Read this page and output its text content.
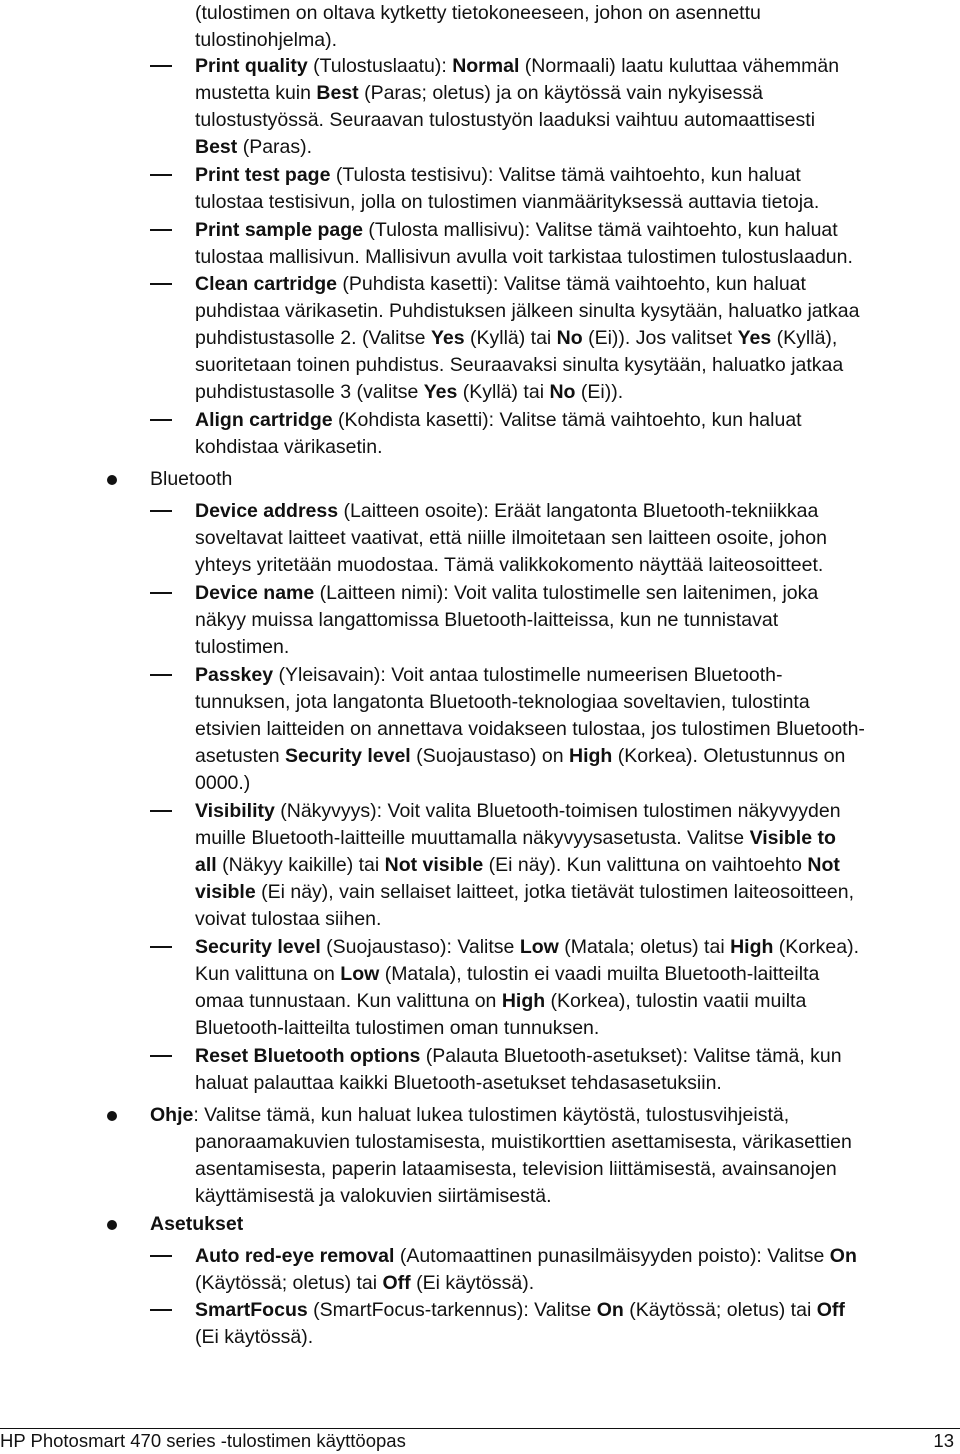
(tulostimen on oltava kytketty tietokoneeseen, johon on asennettu
tulostinohjelma).
Print quality (Tulostuslaatu): Normal (Normaali) laatu kuluttaa vähemmän
mustetta kuin Best (Paras; oletus) ja on käytössä vain nykyisessä
tulostustyössä. Seuraavan tulostustyön laaduksi vaihtuu automaattisesti
Best (Paras).
Print test page (Tulosta testisivu): Valitse tämä vaihtoehto, kun haluat
tulostaa testisivun, jolla on tulostimen vianmäärityksessä auttavia tietoja.
Print sample page (Tulosta mallisivu): Valitse tämä vaihtoehto, kun haluat
tulostaa mallisivun. Mallisivun avulla voit tarkistaa tulostimen tulostuslaadun.
Clean cartridge (Puhdista kasetti): Valitse tämä vaihtoehto, kun haluat
puhdistaa värikasetin. Puhdistuksen jälkeen sinulta kysytään, haluatko jatkaa
puhdistustasolle 2. (Valitse Yes (Kyllä) tai No (Ei)). Jos valitset Yes (Kyllä),
suoritetaan toinen puhdistus. Seuraavaksi sinulta kysytään, haluatko jatkaa
puhdistustasolle 3 (valitse Yes (Kyllä) tai No (Ei)).
Align cartridge (Kohdista kasetti): Valitse tämä vaihtoehto, kun haluat
kohdistaa värikasetin.
Bluetooth
Device address (Laitteen osoite): Eräät langatonta Bluetooth-tekniikkaa
soveltavat laitteet vaativat, että niille ilmoitetaan sen laitteen osoite, johon
yhteys yritetään muodostaa. Tämä valikkokomento näyttää laiteosoitteet.
Device name (Laitteen nimi): Voit valita tulostimelle sen laitenimen, joka
näkyy muissa langattomissa Bluetooth-laitteissa, kun ne tunnistavat
tulostimen.
Passkey (Yleisavain): Voit antaa tulostimelle numeerisen Bluetooth-
tunnuksen, jota langatonta Bluetooth-teknologiaa soveltavien, tulostinta
etsivien laitteiden on annettava voidakseen tulostaa, jos tulostimen Bluetooth-
asetusten Security level (Suojaustaso) on High (Korkea). Oletustunnus on
0000.)
Visibility (Näkyvyys): Voit valita Bluetooth-toimisen tulostimen näkyvyyden
muille Bluetooth-laitteille muuttamalla näkyvyysasetusta. Valitse Visible to
all (Näkyy kaikille) tai Not visible (Ei näy). Kun valittuna on vaihtoehto Not
visible (Ei näy), vain sellaiset laitteet, jotka tietävät tulostimen laiteosoitteen,
voivat tulostaa siihen.
Security level (Suojaustaso): Valitse Low (Matala; oletus) tai High (Korkea).
Kun valittuna on Low (Matala), tulostin ei vaadi muilta Bluetooth-laitteilta
omaa tunnustaan. Kun valittuna on High (Korkea), tulostin vaatii muilta
Bluetooth-laitteilta tulostimen oman tunnuksen.
Reset Bluetooth options (Palauta Bluetooth-asetukset): Valitse tämä, kun
haluat palauttaa kaikki Bluetooth-asetukset tehdasasetuksiin.
Ohje: Valitse tämä, kun haluat lukea tulostimen käytöstä, tulostusvihjeistä,
panoraamakuvien tulostamisesta, muistikorttien asettamisesta, värikasettien
asentamisesta, paperin lataamisesta, television liittämisestä, avainsanojen
käyttämisestä ja valokuvien siirtämisestä.
Asetukset
Auto red-eye removal (Automaattinen punasilmäisyyden poisto): Valitse On
(Käytössä; oletus) tai Off (Ei käytössä).
SmartFocus (SmartFocus-tarkennus): Valitse On (Käytössä; oletus) tai Off
(Ei käytössä).
HP Photosmart 470 series -tulostimen käyttöopas	13
